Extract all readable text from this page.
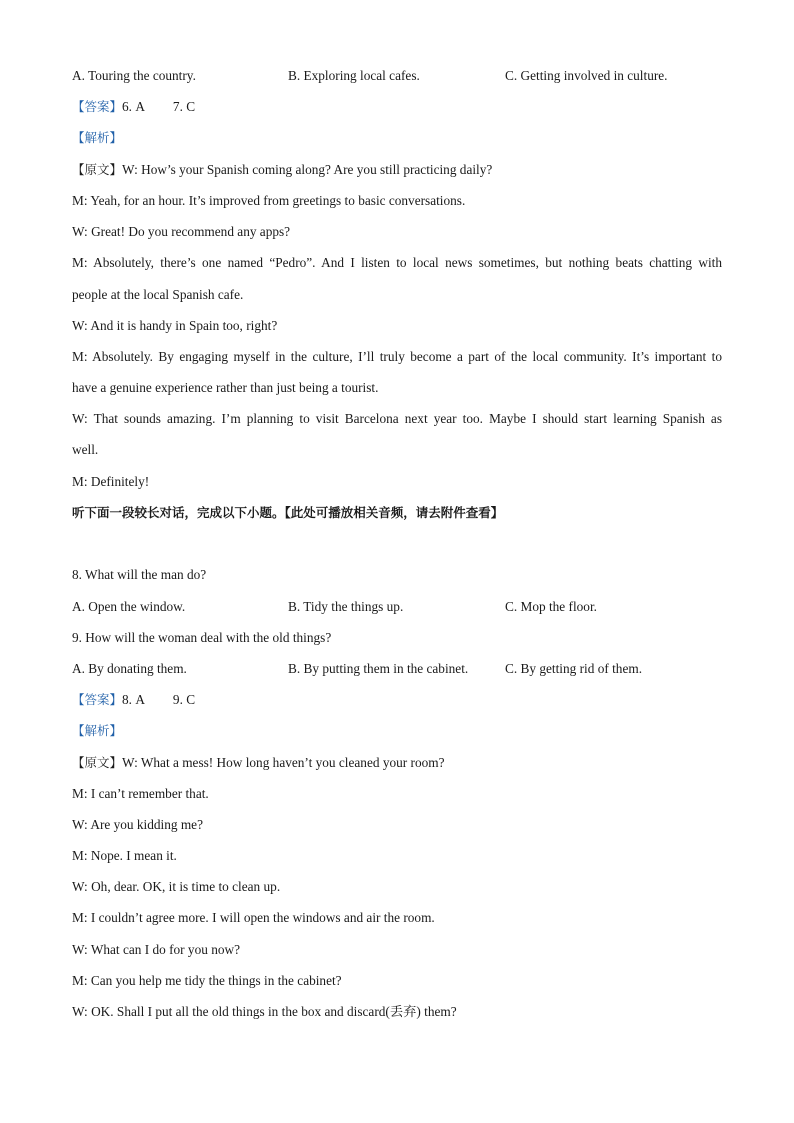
A. Touring the country.	B. Exploring local cafes.	C. Getting involved in culture.
【答案】6. A 7. C
【解析】
【原文】W: How’s your Spanish coming along? Are you still practicing daily?
M: Yeah, for an hour. It’s improved from greetings to basic conversations.
W: Great! Do you recommend any apps?
M: Absolutely, there’s one named “Pedro”. And I listen to local news sometimes, but nothing beats chatting with
people at the local Spanish cafe.
W: And it is handy in Spain too, right?
M: Absolutely. By engaging myself in the culture, I’ll truly become a part of the local community. It’s important to
have a genuine experience rather than just being a tourist.
W: That sounds amazing. I’m planning to visit Barcelona next year too. Maybe I should start learning Spanish as
well.
M: Definitely!
听下面一段较长对话，完成以下小题。【此处可播放相关音频，请去附件查看】
8. What will the man do?
A. Open the window.	B. Tidy the things up.	C. Mop the floor.
9. How will the woman deal with the old things?
A. By donating them.	B. By putting them in the cabinet.	C. By getting rid of them.
【答案】8. A 9. C
【解析】
【原文】W: What a mess! How long haven’t you cleaned your room?
M: I can’t remember that.
W: Are you kidding me?
M: Nope. I mean it.
W: Oh, dear. OK, it is time to clean up.
M: I couldn’t agree more. I will open the windows and air the room.
W: What can I do for you now?
M: Can you help me tidy the things in the cabinet?
W: OK. Shall I put all the old things in the box and discard(丢弃) them?
